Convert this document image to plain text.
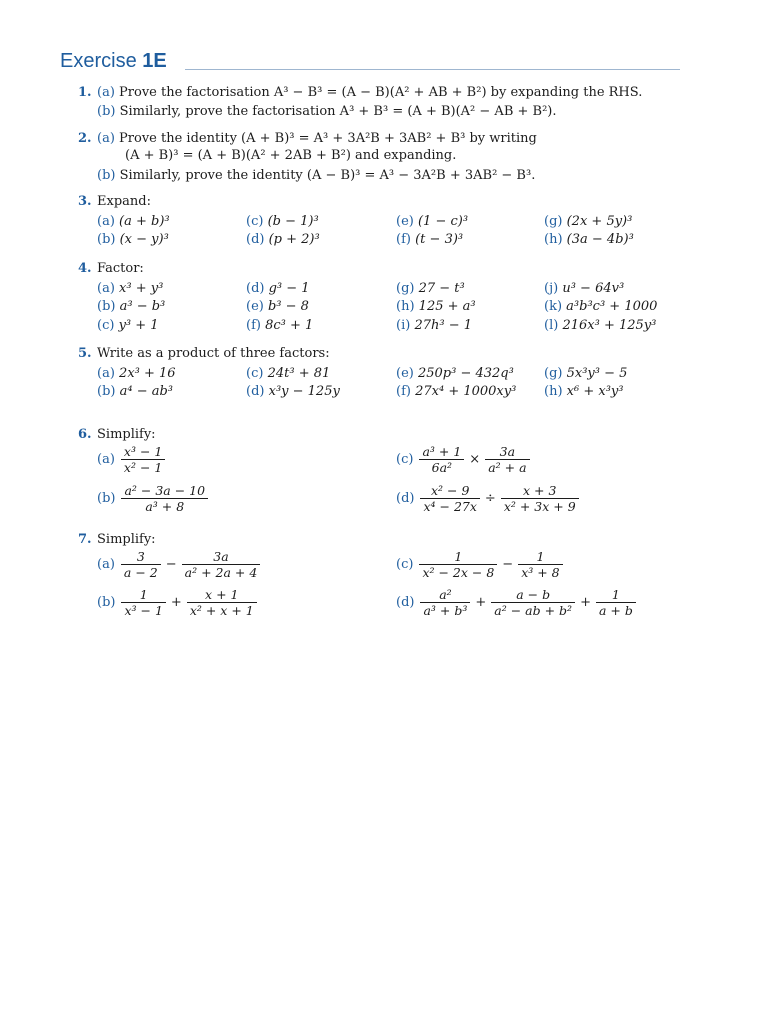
Exercise 1E
1. (a) Prove the factorisation A³ − B³ = (A − B)(A² + AB + B²) by expanding the RHS.
(b) Similarly, prove the factorisation A³ + B³ = (A + B)(A² − AB + B²).
2. (a) Prove the identity (A + B)³ = A³ + 3A²B + 3AB² + B³ by writing
(A + B)³ = (A + B)(A² + 2AB + B²) and expanding.
(b) Similarly, prove the identity (A − B)³ = A³ − 3A²B + 3AB² − B³.
3. Expand:
(a) (a + b)³
(b) (x − y)³
(c) (b − 1)³
(d) (p + 2)³
(e) (1 − c)³
(f) (t − 3)³
(g) (2x + 5y)³
(h) (3a − 4b)³
4. Factor:
(a) x³ + y³
(b) a³ − b³
(c) y³ + 1
(d) g³ − 1
(e) b³ − 8
(f) 8c³ + 1
(g) 27 − t³
(h) 125 + a³
(i) 27h³ − 1
(j) u³ − 64v³
(k) a³b³c³ + 1000
(l) 216x³ + 125y³
5. Write as a product of three factors:
(a) 2x³ + 16
(b) a⁴ − ab³
(c) 24t³ + 81
(d) x³y − 125y
(e) 250p³ − 432q³
(f) 27x⁴ + 1000xy³
(g) 5x³y³ − 5
(h) x⁶ + x³y³
6. Simplify:
$(a) \frac{\text{x³ − 1}}{\text{x² − 1}}$
$(b) \frac{\text{a² − 3a − 10}}{\text{a³ + 8}}$
$(c) \frac{\text{a³ + 1}}{\text{6a²}} \times \frac{3a}{\text{a² + a}}$
$(d) \frac{\text{x² − 9}}{\text{x⁴ − 27x}} \div \frac{x + 3}{\text{x² + 3x + 9}}$
7. Simplify:
$(a) \frac{3}{a - 2} - \frac{3a}{\text{a² + 2a + 4}}$
$(b) \frac{1}{\text{x³ − 1}} + \frac{x + 1}{\text{x² + x + 1}}$
$(c) \frac{1}{\text{x² − 2x − 8}} - \frac{1}{\text{x³ + 8}}$
$(d) \frac{\text{a²}}{\text{a³ + b³}} + \frac{a - b}{\text{a² − ab + b²}} + \frac{1}{a + b}$
